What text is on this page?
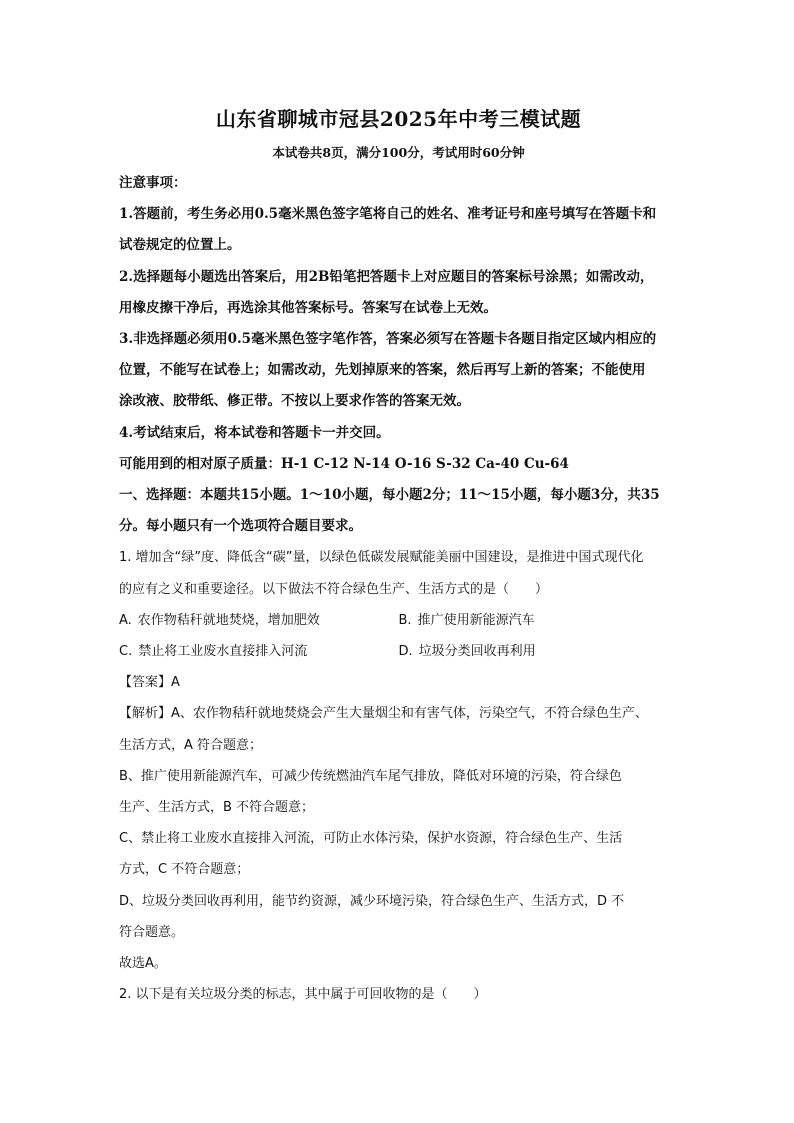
山东省聊城市冠县2025年中考三模试题
本试卷共8页，满分100分，考试用时60分钟

注意事项：

1.答题前，考生务必用0.5毫米黑色签字笔将自己的姓名、准考证号和座号填写在答题卡和

试卷规定的位置上。

2.选择题每小题选出答案后，用2B铅笔把答题卡上对应题目的答案标号涂黑；如需改动，

用橡皮擦干净后，再选涂其他答案标号。答案写在试卷上无效。

3.非选择题必须用0.5毫米黑色签字笔作答，答案必须写在答题卡各题目指定区域内相应的

位置，不能写在试卷上；如需改动，先划掉原来的答案，然后再写上新的答案；不能使用

涂改液、胶带纸、修正带。不按以上要求作答的答案无效。

4.考试结束后，将本试卷和答题卡一并交回。

可能用到的相对原子质量：H-1 C-12 N-14 O-16 S-32 Ca-40 Cu-64

一、选择题：本题共15小题。1～10小题，每小题2分；11～15小题，每小题3分，共35

分。每小题只有一个选项符合题目要求。

1. 增加含“绿”度、降低含“碳”量，以绿色低碳发展赋能美丽中国建设，是推进中国式现代化

的应有之义和重要途径。以下做法不符合绿色生产、生活方式的是（　　）

A. 农作物秸秆就地焚烧，增加肥效	B. 推广使用新能源汽车
C. 禁止将工业废水直接排入河流	D. 垃圾分类回收再利用

【答案】A

【解析】A、农作物秸秆就地焚烧会产生大量烟尘和有害气体，污染空气，不符合绿色生产、

生活方式，A 符合题意；

B、推广使用新能源汽车，可减少传统燃油汽车尾气排放，降低对环境的污染，符合绿色

生产、生活方式，B 不符合题意；

C、禁止将工业废水直接排入河流，可防止水体污染，保护水资源，符合绿色生产、生活

方式，C 不符合题意；

D、垃圾分类回收再利用，能节约资源，减少环境污染，符合绿色生产、生活方式，D 不

符合题意。

故选A。

2. 以下是有关垃圾分类的标志，其中属于可回收物的是（　　）
